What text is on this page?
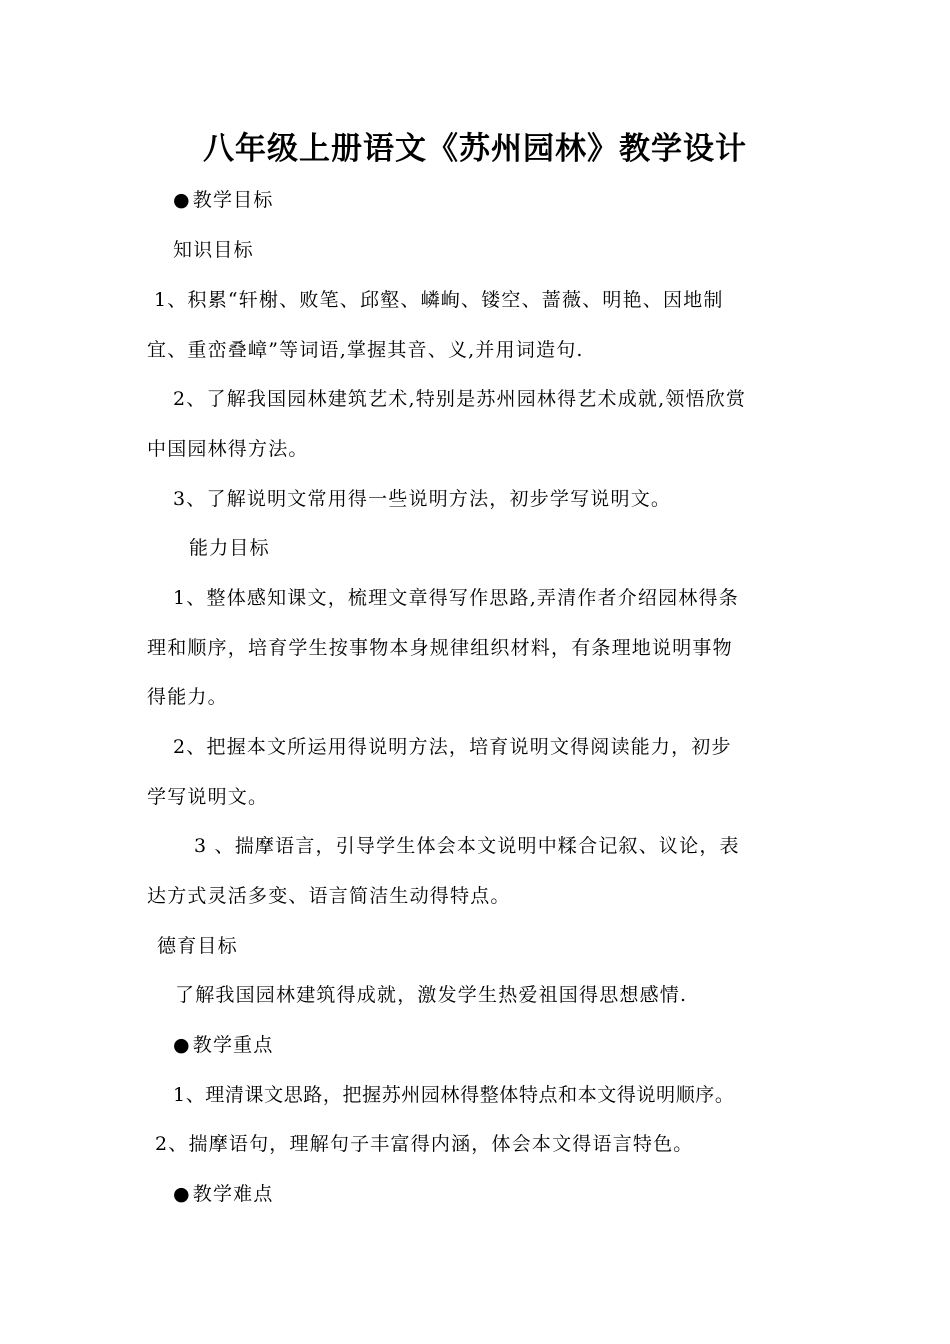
八年级上册语文《苏州园林》教学设计
● 教学目标
知识目标
1、积累“轩榭、败笔、邱壑、嶙峋、镂空、蔷薇、明艳、因地制
宜、重峦叠嶂”等词语,掌握其音、义,并用词造句.
2、了解我国园林建筑艺术,特别是苏州园林得艺术成就,领悟欣赏
中国园林得方法。
3、了解说明文常用得一些说明方法，初步学写说明文。
能力目标
1、整体感知课文，梳理文章得写作思路,弄清作者介绍园林得条
理和顺序，培育学生按事物本身规律组织材料，有条理地说明事物
得能力。
2、把握本文所运用得说明方法，培育说明文得阅读能力，初步
学写说明文。
3 、揣摩语言，引导学生体会本文说明中糅合记叙、议论，表
达方式灵活多变、语言简洁生动得特点。
德育目标
了解我国园林建筑得成就，激发学生热爱祖国得思想感情.
● 教学重点
1、理清课文思路，把握苏州园林得整体特点和本文得说明顺序。
2、揣摩语句，理解句子丰富得内涵，体会本文得语言特色。
● 教学难点
